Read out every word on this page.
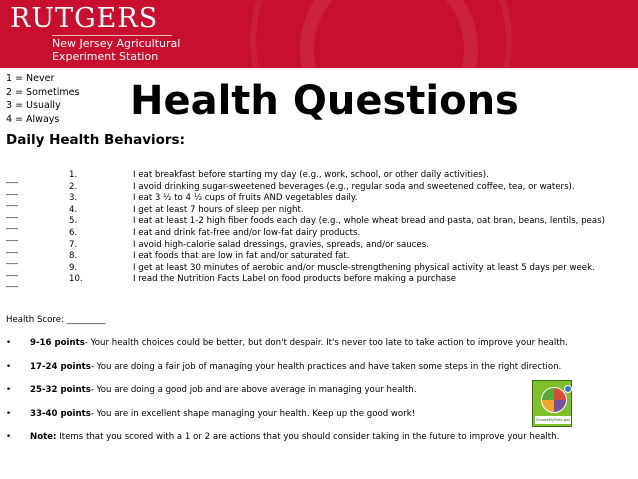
RUTGERS
New Jersey Agricultural
Experiment Station
1 = Never
2 = Sometimes
3 = Usually
4 = Always	Health Questions
Daily Health Behaviors:
___	1.	I eat breakfast before starting my day (e.g., work, school, or other daily activities).
___	2.	I avoid drinking sugar-sweetened beverages (e.g., regular soda and sweetened coffee, tea, or waters).
___	3.	I eat 3 ½ to 4 ½ cups of fruits AND vegetables daily.
___	4.	I get at least 7 hours of sleep per night.
___	5.	I eat at least 1-2 high fiber foods each day (e.g., whole wheat bread and pasta, oat bran, beans, lentils, peas)
___	6.	I eat and drink fat-free and/or low-fat dairy products.
___	7.	I avoid high-calorie salad dressings, gravies, spreads, and/or sauces.
___	8.	I eat foods that are low in fat and/or saturated fat.
___	9.	I get at least 30 minutes of aerobic and/or muscle-strengthening physical activity at least 5 days per week.
___	10.	I read the Nutrition Facts Label on food products before making a purchase
Health Score: _________
• 9-16 points- Your health choices could be better, but don't despair. It's never too late to take action to improve your health.
• 17-24 points- You are doing a fair job of managing your health practices and have taken some steps in the right direction.
• 25-32 points- You are doing a good job and are above average in managing your health.
• 33-40 points- You are in excellent shape managing your health. Keep up the good work!
• Note: Items that you scored with a 1 or 2 are actions that you should consider taking in the future to improve your health.
ChooseMyPlate.gov
